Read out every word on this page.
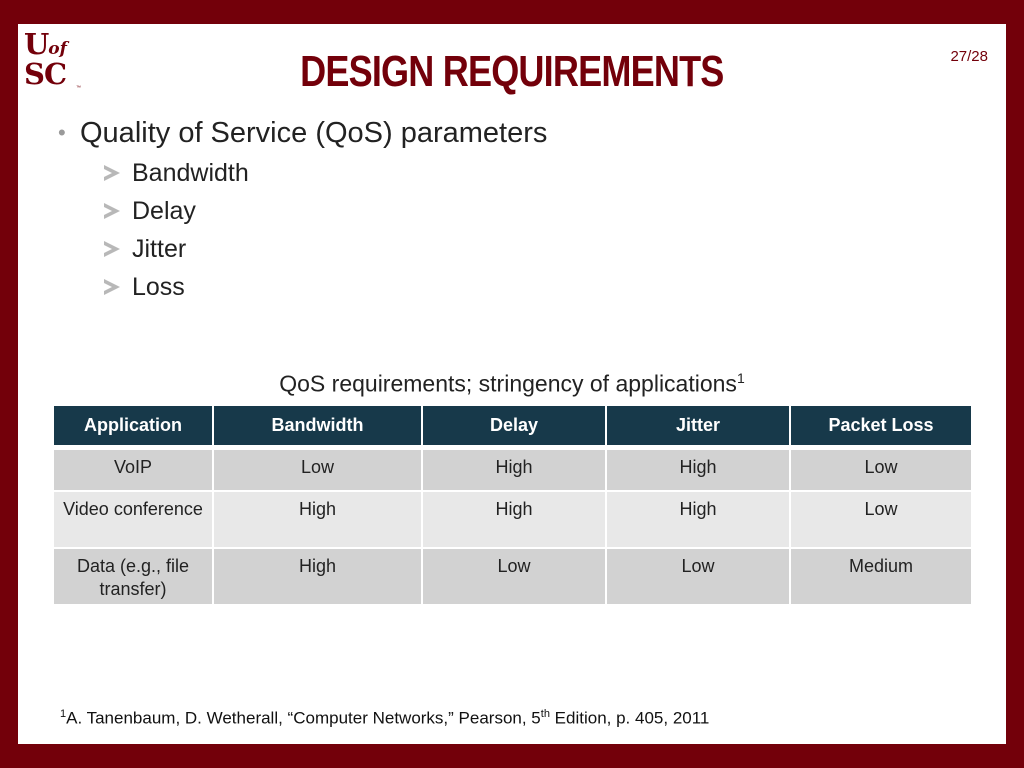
Uof
SC ™	DESIGN REQUIREMENTS	27/28
• Quality of Service (QoS) parameters
Bandwidth
Delay
Jitter
Loss
QoS requirements; stringency of applications$^1$
Application	Bandwidth	Delay	Jitter	Packet Loss

VoIP	Low	High	High	Low
Video conference	High	High	High	Low
Data (e.g., file transfer)	High	Low	Low	Medium
$^1$A. Tanenbaum, D. Wetherall, “Computer Networks,” Pearson, 5th Edition, p. 405, 2011
